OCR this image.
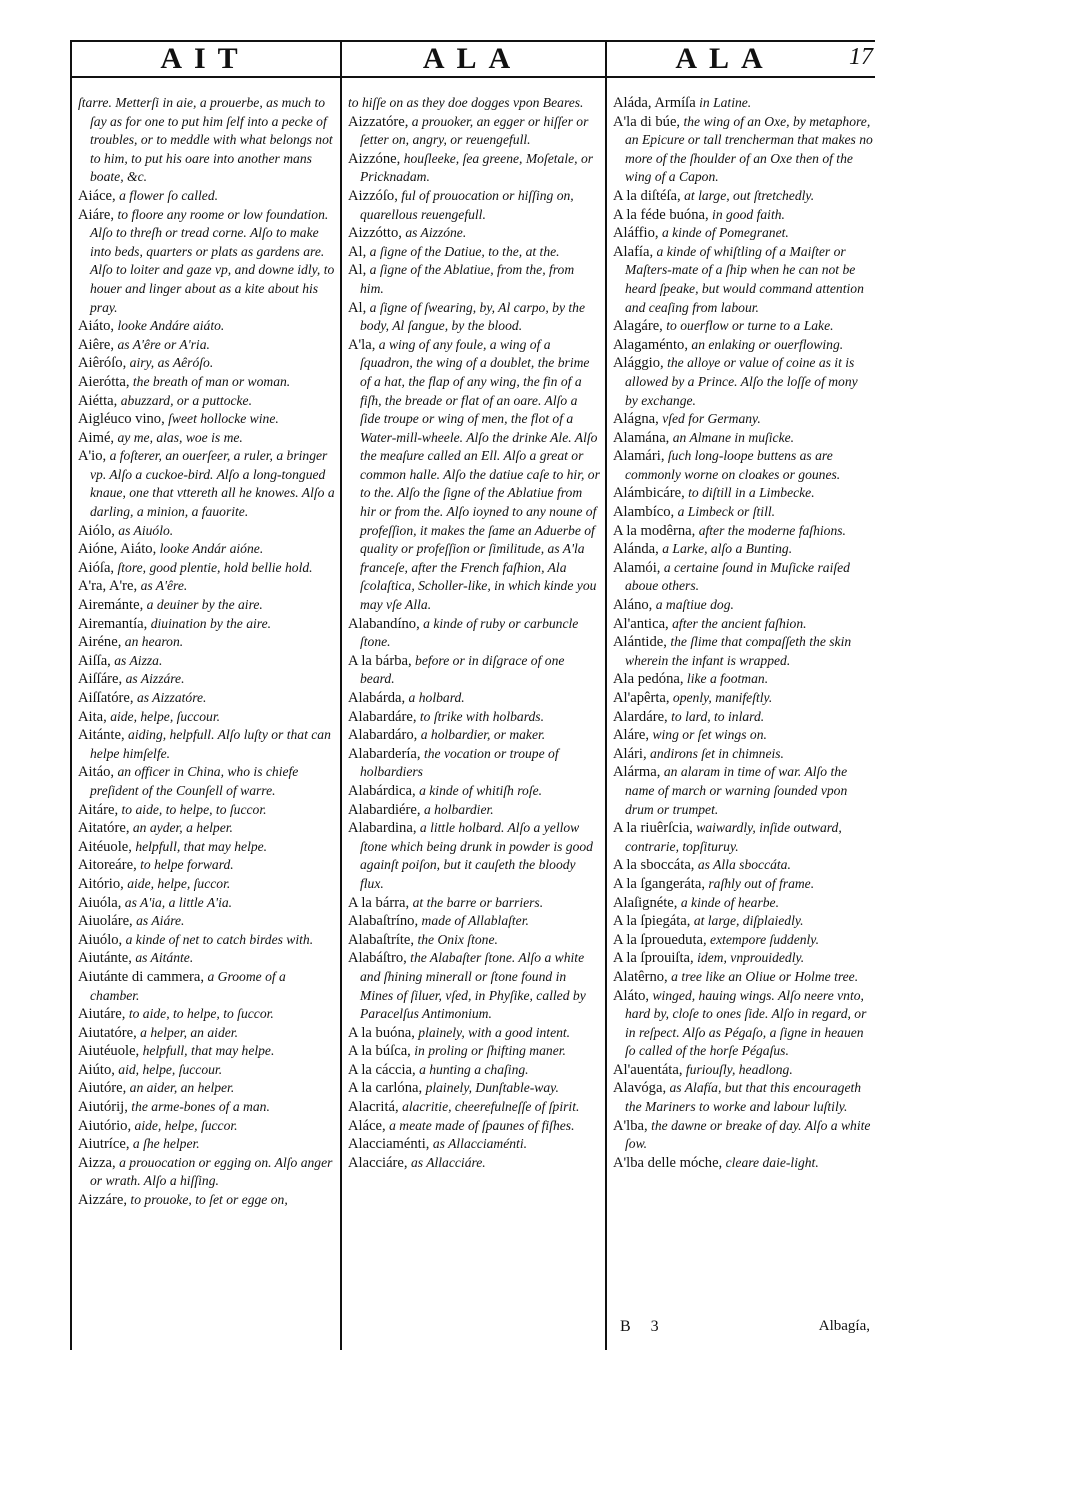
AIT	ALA	ALA	17

ſtarre. Metterſi in aie, a prouerbe, as much to ſay as for one to put him ſelf into a pecke of troubles, or to meddle with what belongs not to him, to put his oare into another mans boate, &c.

Aiáce, a flower ſo called.

Aiáre, to floore any roome or low foundation. Alſo to threſh or tread corne. Alſo to make into beds, quarters or plats as gardens are. Alſo to loiter and gaze vp, and downe idly, to houer and linger about as a kite about his pray.

Aiáto, looke Andáre aiáto.

Aiêre, as A'êre or A'ria.

Aiêróſo, airy, as Aêróſo.

Aierótta, the breath of man or woman.

Aiétta, abuzzard, or a puttocke.

Aigléuco vino, ſweet hollocke wine.

Aimé, ay me, alas, woe is me.

A'io, a foſterer, an ouerſeer, a ruler, a bringer vp. Alſo a cuckoe-bird. Alſo a long-tongued knaue, one that vttereth all he knowes. Alſo a darling, a minion, a fauorite.

Aiólo, as Aiuólo.

Aióne, Aiáto, looke Andár aióne.

Aióſa, ſtore, good plentie, hold bellie hold.

A'ra, A're, as A'êre.

Airemánte, a deuiner by the aire.

Airemantía, diuination by the aire.

Airéne, an hearon.

Aiſſa, as Aizza.

Aiſſáre, as Aizzáre.

Aiſſatóre, as Aizzatóre.

Aita, aide, helpe, ſuccour.

Aitánte, aiding, helpfull. Alſo luſty or that can helpe himſelfe.

Aitáo, an officer in China, who is chiefe preſident of the Counſell of warre.

Aitáre, to aide, to helpe, to ſuccor.

Aitatóre, an ayder, a helper.

Aitéuole, helpfull, that may helpe.

Aitoreáre, to helpe forward.

Aitório, aide, helpe, ſuccor.

Aiuóla, as A'ia, a little A'ia.

Aiuoláre, as Aiáre.

Aiuólo, a kinde of net to catch birdes with.

Aiutánte, as Aitánte.

Aiutánte di cammera, a Groome of a chamber.

Aiutáre, to aide, to helpe, to ſuccor.

Aiutatóre, a helper, an aider.

Aiutéuole, helpfull, that may helpe.

Aiúto, aid, helpe, ſuccour.

Aiutóre, an aider, an helper.

Aiutórij, the arme-bones of a man.

Aiutório, aide, helpe, ſuccor.

Aiutríce, a ſhe helper.

Aizza, a prouocation or egging on. Alſo anger or wrath. Alſo a hiſſing.

Aizzáre, to prouoke, to ſet or egge on,

to hiſſe on as they doe dogges vpon Beares.

Aizzatóre, a prouoker, an egger or hiſſer or ſetter on, angry, or reuengefull.

Aizzóne, houſleeke, ſea greene, Moſetale, or Pricknadam.

Aizzóſo, ful of prouocation or hiſſing on, quarellous reuengefull.

Aizzótto, as Aizzóne.

Al, a ſigne of the Datiue, to the, at the.

Al, a ſigne of the Ablatiue, from the, from him.

Al, a ſigne of ſwearing, by, Al carpo, by the body, Al ſangue, by the blood.

A'la, a wing of any foule, a wing of a ſquadron, the wing of a doublet, the brime of a hat, the flap of any wing, the fin of a fiſh, the breade or flat of an oare. Alſo a ſide troupe or wing of men, the flot of a Water-mill-wheele. Alſo the drinke Ale. Alſo the meaſure called an Ell. Alſo a great or common halle. Alſo the datiue caſe to hir, or to the. Alſo the ſigne of the Ablatiue from hir or from the. Alſo ioyned to any noune of profeſſion, it makes the ſame an Aduerbe of quality or profeſſion or ſimilitude, as A'la franceſe, after the French faſhion, Ala ſcolaſtica, Scholler-like, in which kinde you may vſe Alla.

Alabandíno, a kinde of ruby or carbuncle ſtone.

A la bárba, before or in diſgrace of one beard.

Alabárda, a holbard.

Alabardáre, to ſtrike with holbards.

Alabardáro, a holbardier, or maker.

Alabardería, the vocation or troupe of holbardiers

Alabárdica, a kinde of whitiſh roſe.

Alabardiére, a holbardier.

Alabardina, a little holbard. Alſo a yellow ſtone which being drunk in powder is good againſt poiſon, but it cauſeth the bloody flux.

A la bárra, at the barre or barriers.

Alabaſtríno, made of Allablaſter.

Alabaſtríte, the Onix ſtone.

Alabáſtro, the Alabaſter ſtone. Alſo a white and ſhining minerall or ſtone found in Mines of ſiluer, vſed, in Phyſike, called by Paracelſus Antimonium.

A la buóna, plainely, with a good intent.

A la búſca, in proling or ſhifting maner.

A la cáccia, a hunting a chaſing.

A la carlóna, plainely, Dunſtable-way.

Alacritá, alacritie, cheerefulneſſe of ſpirit.

Aláce, a meate made of ſpaunes of fiſhes.

Alacciaménti, as Allacciaménti.

Alacciáre, as Allacciáre.

Aláda, Armíſa in Latine.

A'la di búe, the wing of an Oxe, by metaphore, an Epicure or tall trencherman that makes no more of the ſhoulder of an Oxe then of the wing of a Capon.

A la diſtéſa, at large, out ſtretchedly.

A la féde buóna, in good faith.

Aláffio, a kinde of Pomegranet.

Alafía, a kinde of whiſtling of a Maiſter or Maſters-mate of a ſhip when he can not be heard ſpeake, but would command attention and ceaſing from labour.

Alagáre, to ouerflow or turne to a Lake.

Alagaménto, an enlaking or ouerflowing.

Alággio, the alloye or value of coine as it is allowed by a Prince. Alſo the loſſe of mony by exchange.

Alágna, vſed for Germany.

Alamána, an Almane in muſicke.

Alamári, ſuch long-loope buttens as are commonly worne on cloakes or gounes.

Alámbicáre, to diſtill in a Limbecke.

Alambíco, a Limbeck or ſtill.

A la modêrna, after the moderne faſhions.

Alánda, a Larke, alſo a Bunting.

Alamói, a certaine ſound in Muſicke raiſed aboue others.

Aláno, a maſtiue dog.

Al'antica, after the ancient faſhion.

Alántide, the ſlime that compaſſeth the skin wherein the infant is wrapped.

Ala pedóna, like a footman.

Al'apêrta, openly, manifeſtly.

Alardáre, to lard, to inlard.

Aláre, wing or ſet wings on.

Alári, andirons ſet in chimneis.

Alárma, an alaram in time of war. Alſo the name of march or warning ſounded vpon drum or trumpet.

A la riuêrſcia, waiwardly, inſide outward, contrarie, topſituruy.

A la sboccáta, as Alla sboccáta.

A la ſgangeráta, raſhly out of frame.

Alaſignéte, a kinde of hearbe.

A la ſpiegáta, at large, diſplaiedly.

A la ſproueduta, extempore ſuddenly.

A la ſprouiſta, idem, vnprouidedly.

Alatêrno, a tree like an Oliue or Holme tree.

Aláto, winged, hauing wings. Alſo neere vnto, hard by, cloſe to ones ſide. Alſo in regard, or in reſpect. Alſo as Pégaſo, a ſigne in heauen ſo called of the horſe Pégaſus.

Al'auentáta, furiouſly, headlong.

Alavóga, as Alafía, but that this encourageth the Mariners to worke and labour luſtily.

A'lba, the dawne or breake of day. Alſo a white ſow.

A'lba delle móche, cleare daie-light.

B 3	Albagía,
